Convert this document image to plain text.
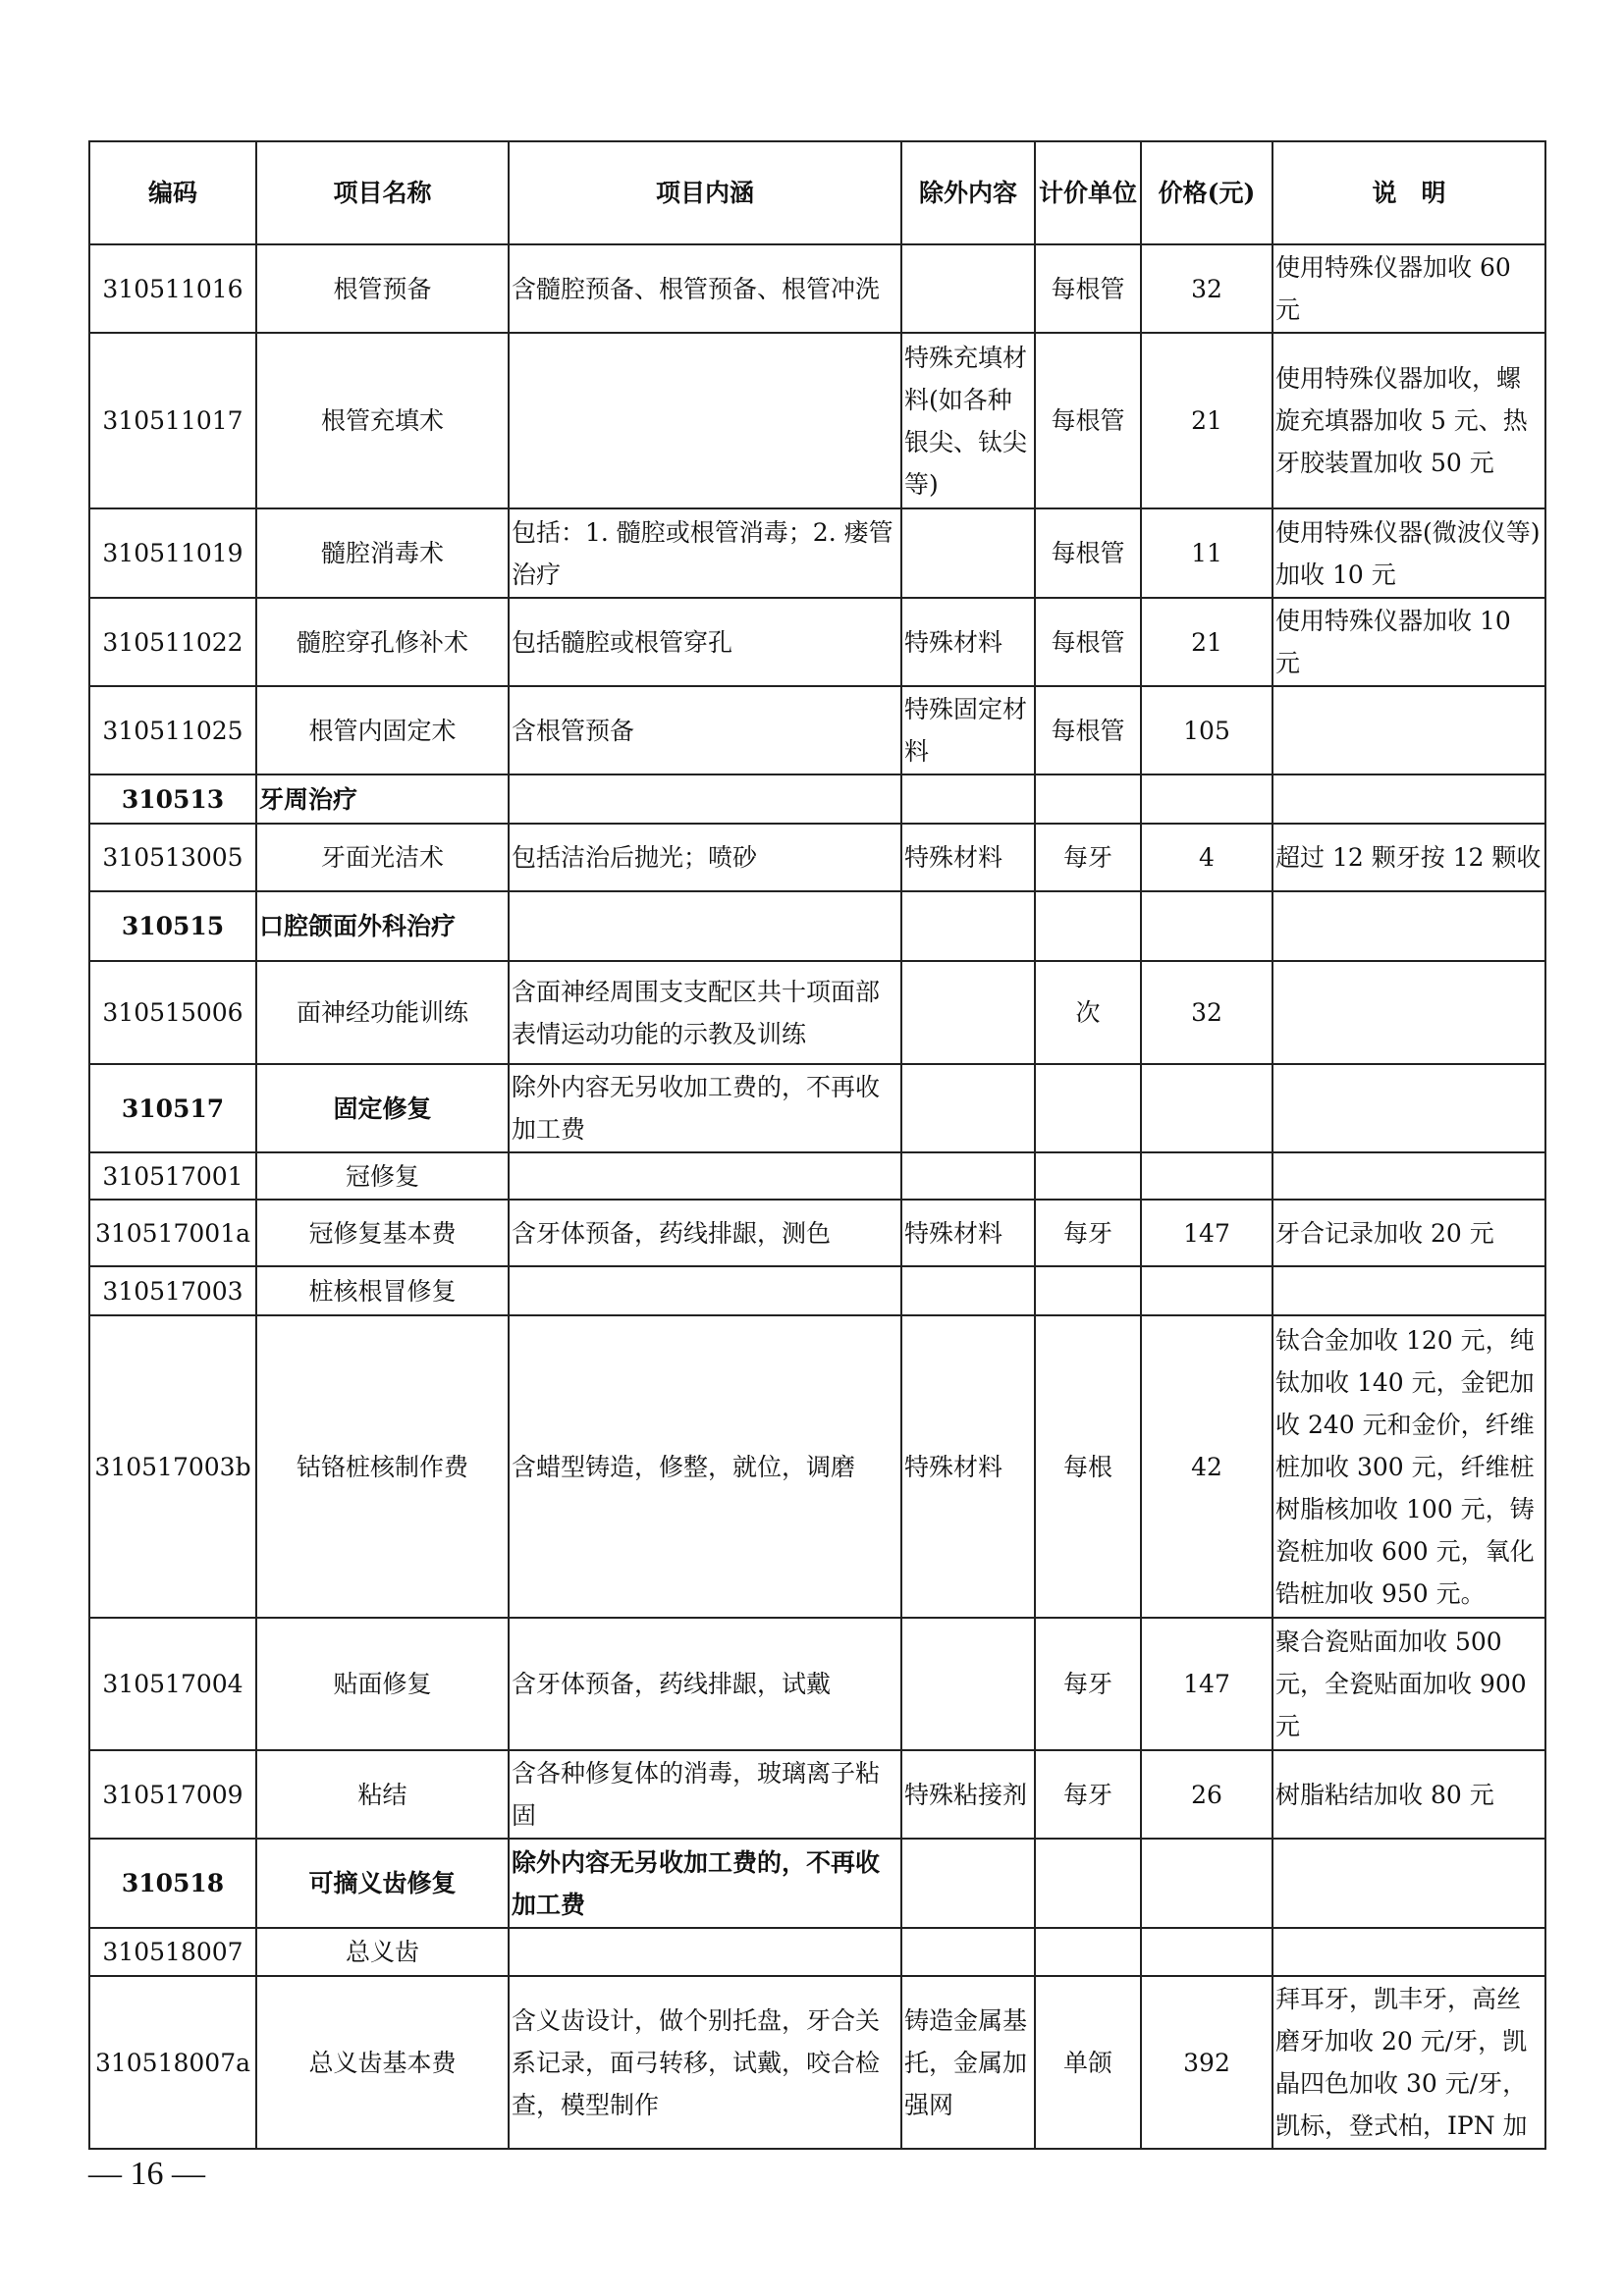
编码	项目名称	项目内涵	除外内容	计价单位	价格(元)	说　明
310511016	根管预备	含髓腔预备、根管预备、根管冲洗		每根管	32	使用特殊仪器加收 60 元
310511017	根管充填术		特殊充填材料(如各种银尖、钛尖等)	每根管	21	使用特殊仪器加收，螺旋充填器加收 5 元、热牙胶装置加收 50 元
310511019	髓腔消毒术	包括：1. 髓腔或根管消毒；2. 瘘管治疗		每根管	11	使用特殊仪器(微波仪等)加收 10 元
310511022	髓腔穿孔修补术	包括髓腔或根管穿孔	特殊材料	每根管	21	使用特殊仪器加收 10 元
310511025	根管内固定术	含根管预备	特殊固定材料	每根管	105	
310513	牙周治疗					
310513005	牙面光洁术	包括洁治后抛光；喷砂	特殊材料	每牙	4	超过 12 颗牙按 12 颗收
310515	口腔颌面外科治疗					
310515006	面神经功能训练	含面神经周围支支配区共十项面部表情运动功能的示教及训练		次	32	
310517	固定修复	除外内容无另收加工费的，不再收加工费				
310517001	冠修复					
310517001a	冠修复基本费	含牙体预备，药线排龈，测色	特殊材料	每牙	147	牙合记录加收 20 元
310517003	桩核根冒修复					
310517003b	钴铬桩核制作费	含蜡型铸造，修整，就位，调磨	特殊材料	每根	42	钛合金加收 120 元，纯钛加收 140 元，金钯加收 240 元和金价，纤维桩加收 300 元，纤维桩树脂核加收 100 元，铸瓷桩加收 600 元，氧化锆桩加收 950 元。
310517004	贴面修复	含牙体预备，药线排龈，试戴		每牙	147	聚合瓷贴面加收 500 元，全瓷贴面加收 900 元
310517009	粘结	含各种修复体的消毒，玻璃离子粘固	特殊粘接剂	每牙	26	树脂粘结加收 80 元
310518	可摘义齿修复	除外内容无另收加工费的，不再收加工费				
310518007	总义齿					
310518007a	总义齿基本费	含义齿设计，做个别托盘，牙合关系记录，面弓转移，试戴，咬合检查，模型制作	铸造金属基托，金属加强网	单颌	392	拜耳牙，凯丰牙，高丝磨牙加收 20 元/牙，凯晶四色加收 30 元/牙，凯标，登式柏，IPN 加
— 16 —
